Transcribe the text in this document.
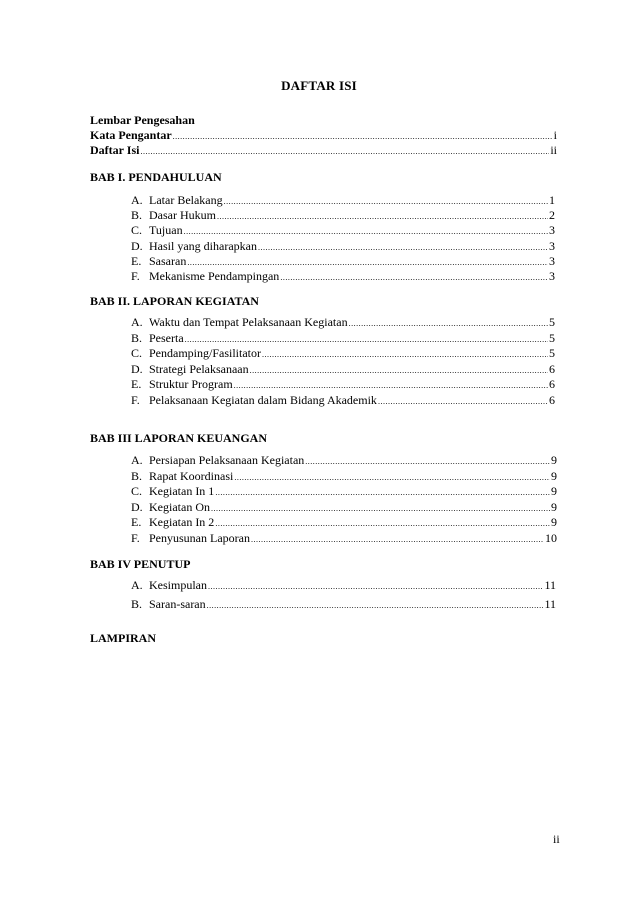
DAFTAR ISI
Lembar Pengesahan
Kata Pengantar .....	i
Daftar Isi .....	ii
BAB I. PENDAHULUAN
A. Latar Belakang .....	1
B. Dasar Hukum .....	2
C. Tujuan .....	3
D. Hasil yang diharapkan .....	3
E. Sasaran .....	3
F. Mekanisme Pendampingan .....	3
BAB II. LAPORAN KEGIATAN
A. Waktu dan Tempat Pelaksanaan Kegiatan .....	5
B. Peserta .....	5
C. Pendamping/Fasilitator .....	5
D. Strategi Pelaksanaan .....	6
E. Struktur Program .....	6
F. Pelaksanaan Kegiatan dalam Bidang Akademik .....	6
BAB III LAPORAN KEUANGAN
A. Persiapan Pelaksanaan Kegiatan .....	9
B. Rapat Koordinasi .....	9
C. Kegiatan In 1 .....	9
D. Kegiatan On .....	9
E. Kegiatan In 2 .....	9
F. Penyusunan Laporan .....	10
BAB IV PENUTUP
A. Kesimpulan .....	11
B. Saran-saran .....	11
LAMPIRAN
ii
